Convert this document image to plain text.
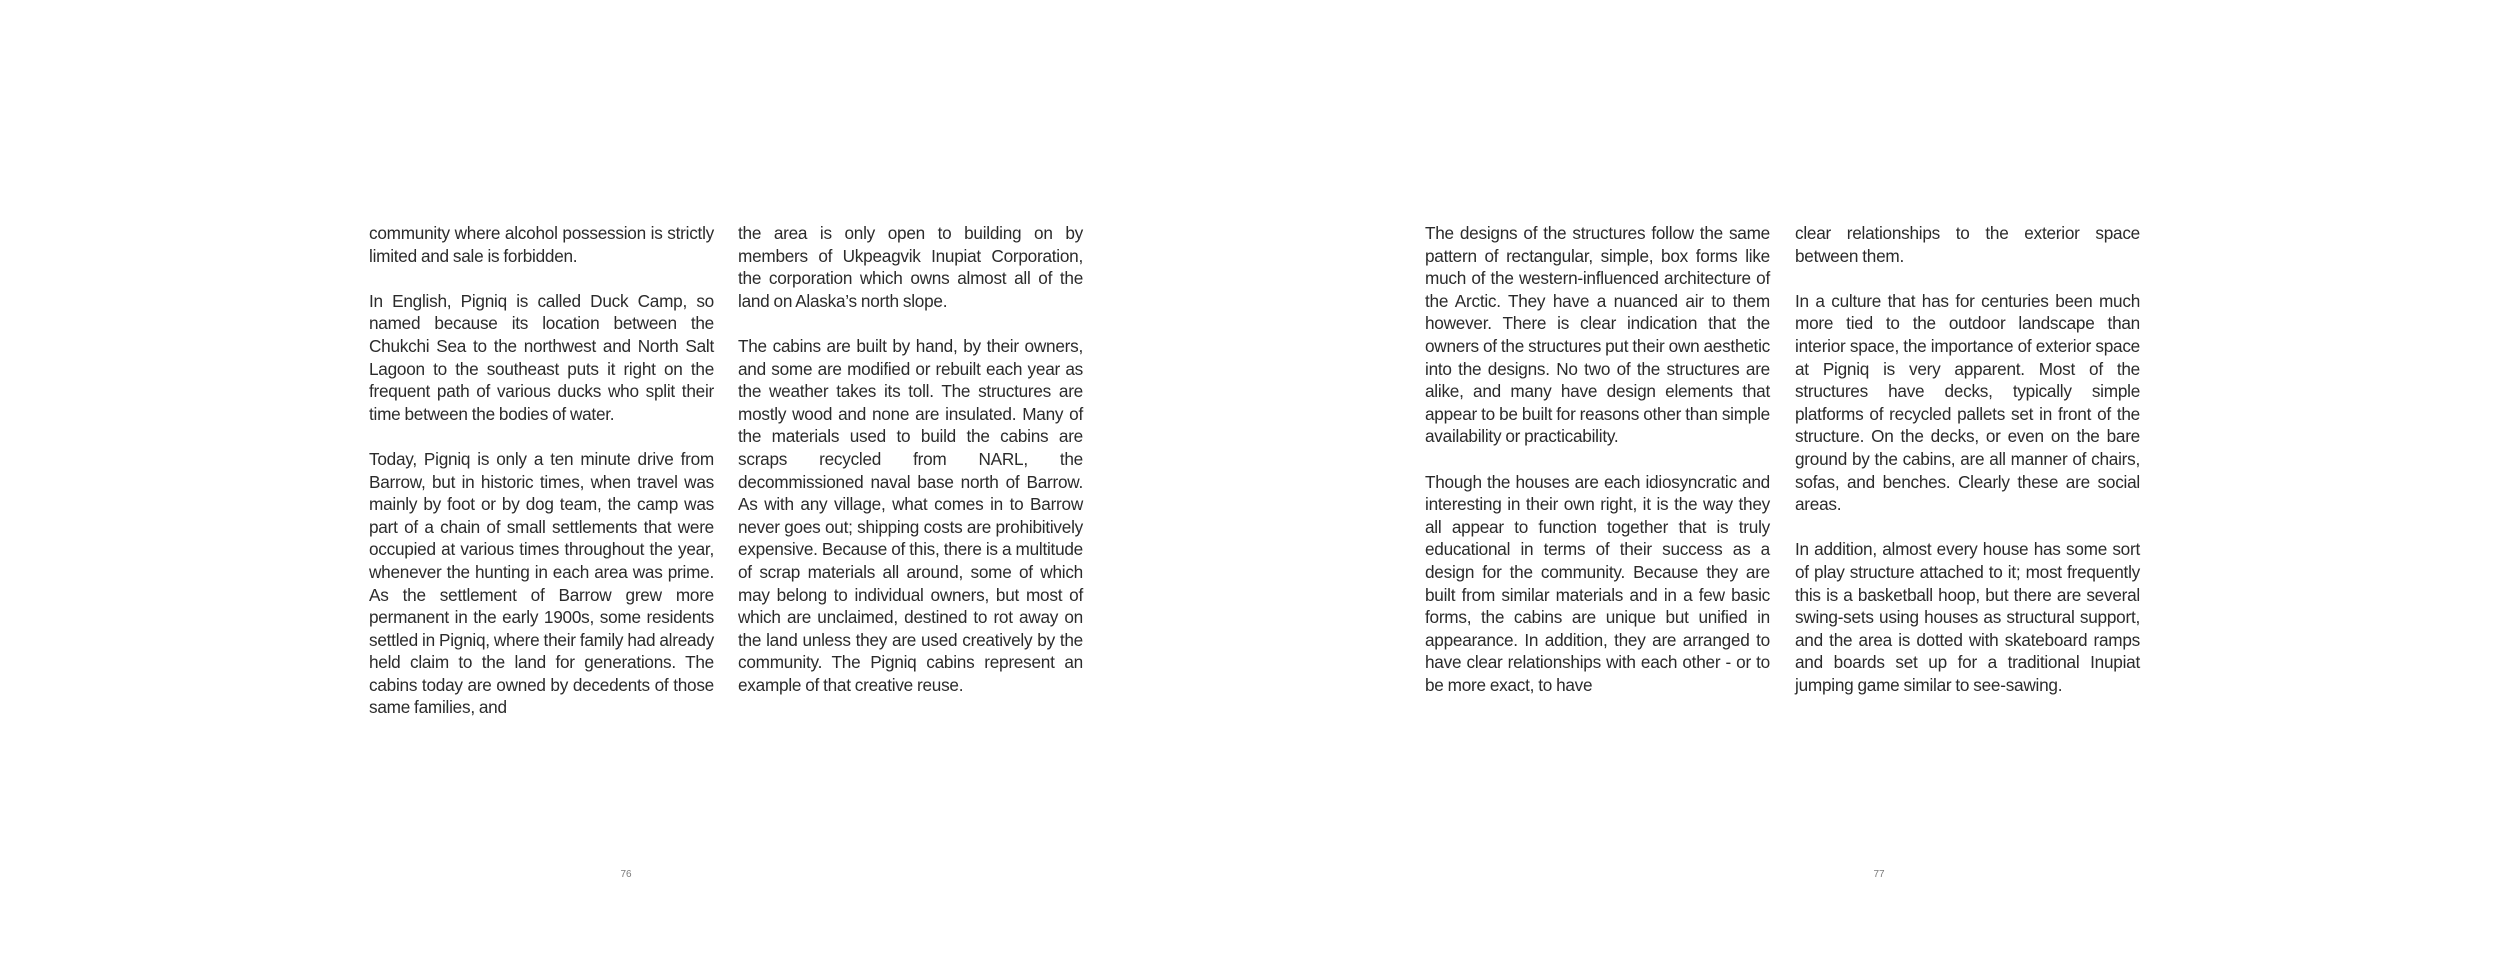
community where alcohol possession is strictly limited and sale is forbidden.

In English, Pigniq is called Duck Camp, so named because its location between the Chukchi Sea to the northwest and North Salt Lagoon to the southeast puts it right on the frequent path of various ducks who split their time between the bodies of water.

Today, Pigniq is only a ten minute drive from Barrow, but in historic times, when travel was mainly by foot or by dog team, the camp was part of a chain of small settlements that were occupied at various times throughout the year, whenever the hunting in each area was prime. As the settlement of Barrow grew more permanent in the early 1900s, some residents settled in Pigniq, where their family had already held claim to the land for generations. The cabins today are owned by decedents of those same families, and

the area is only open to building on by members of Ukpeagvik Inupiat Corporation, the corporation which owns almost all of the land on Alaska’s north slope.

The cabins are built by hand, by their owners, and some are modified or rebuilt each year as the weather takes its toll. The structures are mostly wood and none are insulated. Many of the materials used to build the cabins are scraps recycled from NARL, the decommissioned naval base north of Barrow. As with any village, what comes in to Barrow never goes out; shipping costs are prohibitively expensive. Because of this, there is a multitude of scrap materials all around, some of which may belong to individual owners, but most of which are unclaimed, destined to rot away on the land unless they are used creatively by the community. The Pigniq cabins represent an example of that creative reuse.

76

The designs of the structures follow the same pattern of rectangular, simple, box forms like much of the western-influenced architecture of the Arctic. They have a nuanced air to them however. There is clear indication that the owners of the structures put their own aesthetic into the designs. No two of the structures are alike, and many have design elements that appear to be built for reasons other than simple availability or practicability.

Though the houses are each idiosyncratic and interesting in their own right, it is the way they all appear to function together that is truly educational in terms of their success as a design for the community. Because they are built from similar materials and in a few basic forms, the cabins are unique but unified in appearance. In addition, they are arranged to have clear relationships with each other - or to be more exact, to have

clear relationships to the exterior space between them.

In a culture that has for centuries been much more tied to the outdoor landscape than interior space, the importance of exterior space at Pigniq is very apparent. Most of the structures have decks, typically simple platforms of recycled pallets set in front of the structure. On the decks, or even on the bare ground by the cabins, are all manner of chairs, sofas, and benches. Clearly these are social areas.

In addition, almost every house has some sort of play structure attached to it; most frequently this is a basketball hoop, but there are several swing-sets using houses as structural support, and the area is dotted with skateboard ramps and boards set up for a traditional Inupiat jumping game similar to see-sawing.

77
